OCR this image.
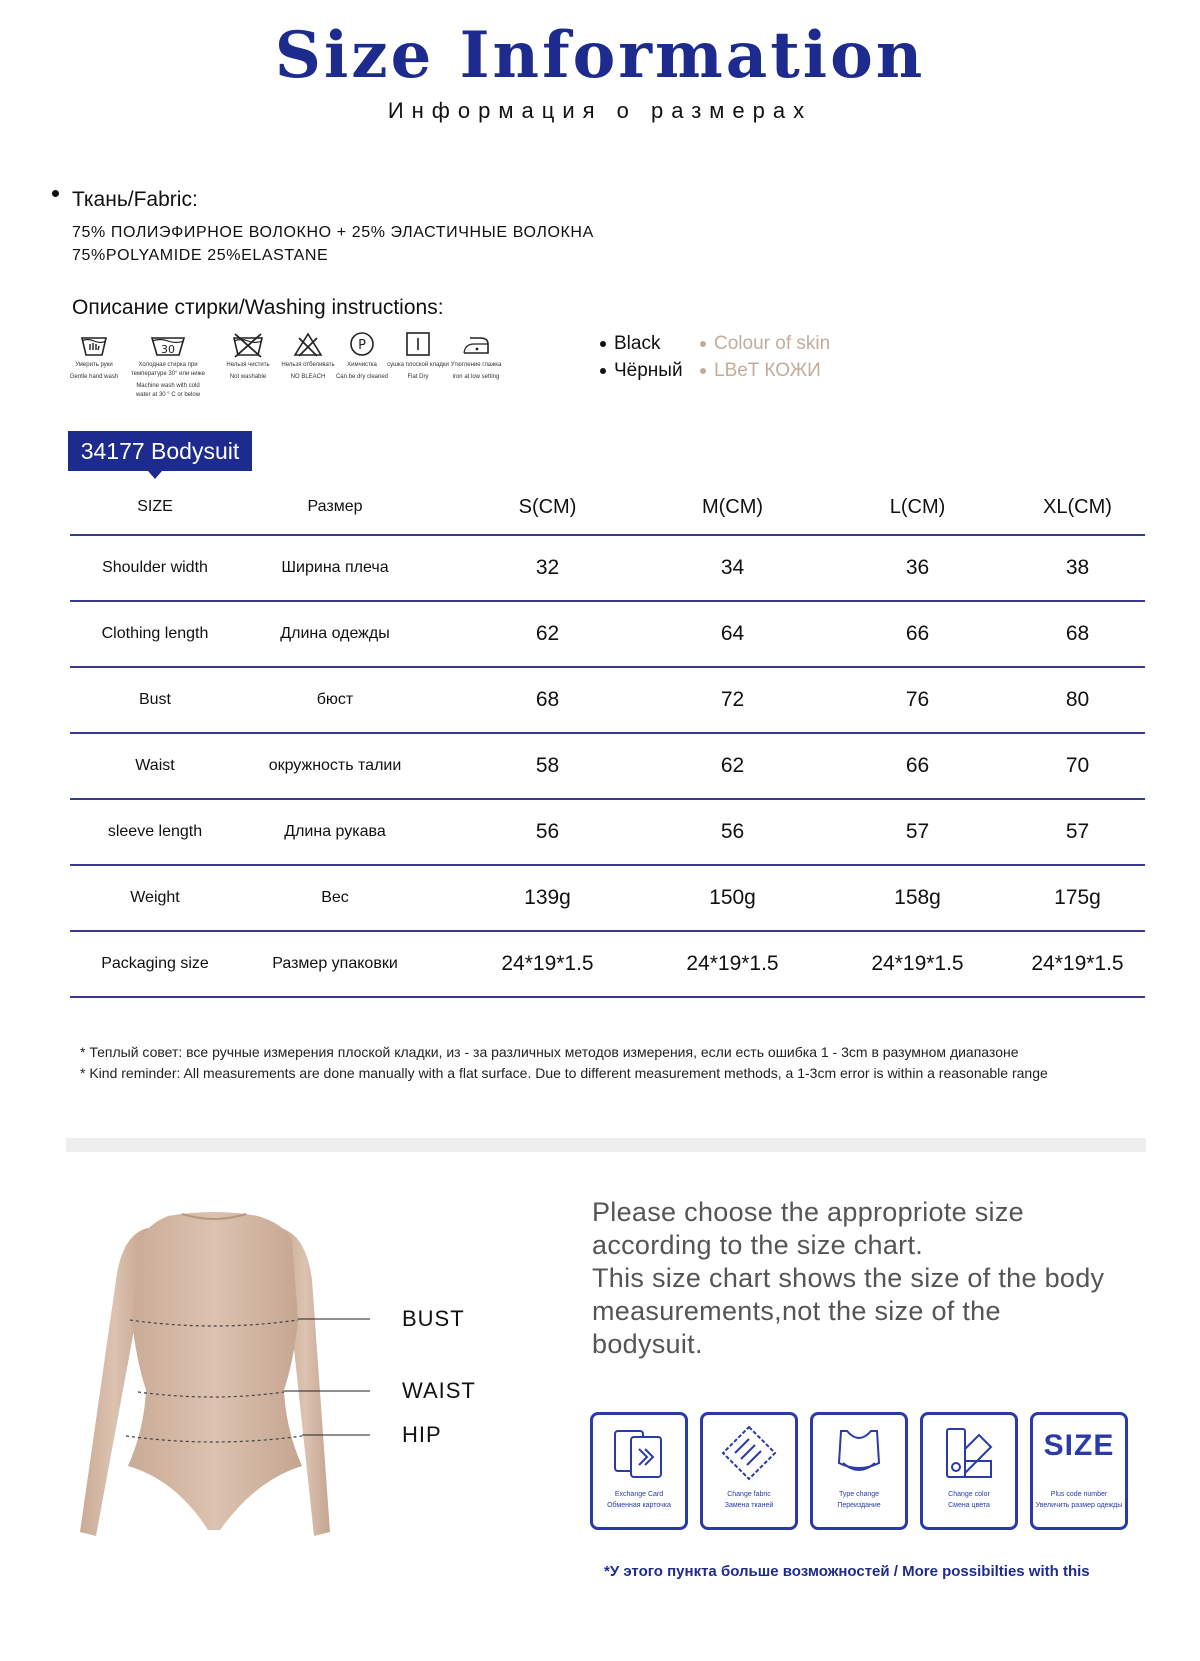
Size Information
Информация о размерах
Ткань/Fabric:
75% ПОЛИЭФИРНОЕ ВОЛОКНО + 25% ЭЛАСТИЧНЫЕ ВОЛОКНА
75%POLYAMIDE 25%ELASTANE
Описание стирки/Washing instructions:
Умерить руки
Gentle hand wash
30
Холодная стирка при температуре 30° или ниже
Machine wash with cold water at 30 ° C or below
Нельзя чистить
Not washable
Нельзя отбеливать
NO BLEACH
P
Химчистка
Can be dry cleaned
сушка плоской кладки
Flat Dry
Утюгление глажка
iron at low setting
Black
Чёрный
Colour of skin
LBeT КОЖИ
34177 Bodysuit
SIZE	Размер	S(CM)	M(CM)	L(CM)	XL(CM)
Shoulder width	Ширина плеча	32	34	36	38
Clothing length	Длина одежды	62	64	66	68
Bust	бюст	68	72	76	80
Waist	окружность талии	58	62	66	70
sleeve length	Длина рукава	56	56	57	57
Weight	Вес	139g	150g	158g	175g
Packaging size	Размер упаковки	24*19*1.5	24*19*1.5	24*19*1.5	24*19*1.5
* Теплый совет: все ручные измерения плоской кладки, из - за различных методов измерения, если есть ошибка 1 - 3cm в разумном диапазоне
* Kind reminder: All measurements are done manually with a flat surface. Due to different measurement methods, a 1-3cm error is within a reasonable range
BUST
WAIST
HIP
Please choose the appropriote size
according to the size chart.
This size chart shows the size of the body
measurements,not the size of the
bodysuit.
Exchange Card
Обменная карточка
Change fabric
Замена тканей
Type change
Переиздание
Change color
Смена цвета
SIZE
Plus code number
Увеличить размер одежды
*У этого пункта больше возможностей / More possibilties with this
